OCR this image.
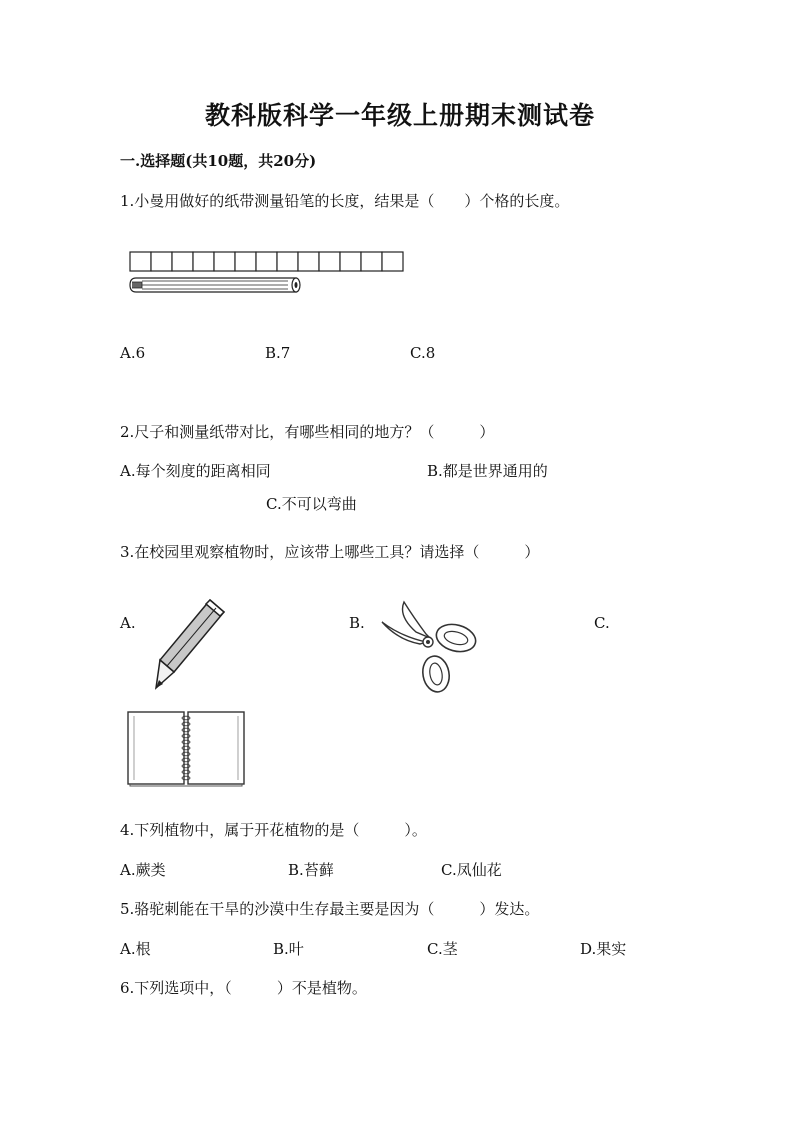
教科版科学一年级上册期末测试卷
一.选择题(共10题，共20分)
1.小曼用做好的纸带测量铅笔的长度，结果是（　　）个格的长度。
A.6	B.7	C.8
2.尺子和测量纸带对比，有哪些相同的地方？（　　　）
A.每个刻度的距离相同	B.都是世界通用的
C.不可以弯曲
3.在校园里观察植物时，应该带上哪些工具？请选择（　　　）
A.	B.	C.
4.下列植物中，属于开花植物的是（　　　）。
A.蕨类	B.苔藓	C.凤仙花
5.骆驼刺能在干旱的沙漠中生存最主要是因为（　　　）发达。
A.根	B.叶	C.茎	D.果实
6.下列选项中，（　　　）不是植物。
